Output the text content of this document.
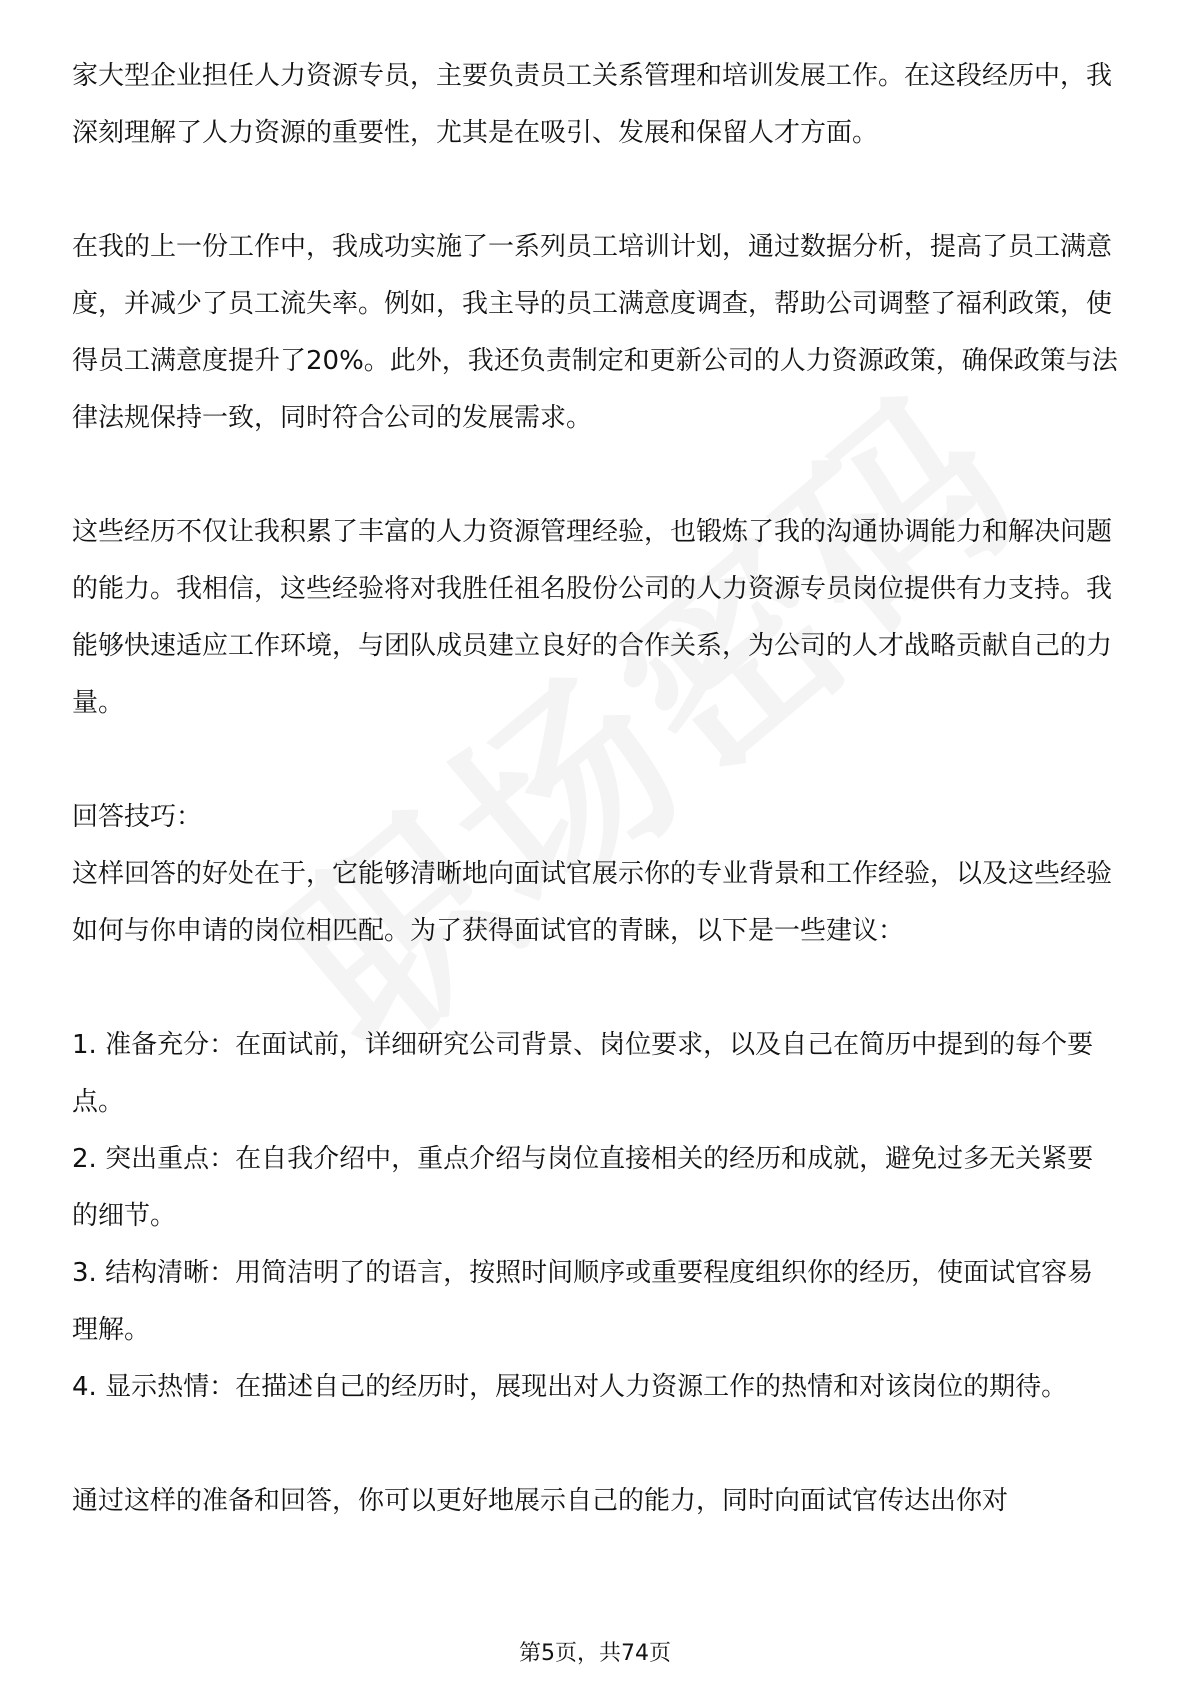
家大型企业担任人力资源专员，主要负责员工关系管理和培训发展工作。在这段经历中，我深刻理解了人力资源的重要性，尤其是在吸引、发展和保留人才方面。

在我的上一份工作中，我成功实施了一系列员工培训计划，通过数据分析，提高了员工满意度，并减少了员工流失率。例如，我主导的员工满意度调查，帮助公司调整了福利政策，使得员工满意度提升了20%。此外，我还负责制定和更新公司的人力资源政策，确保政策与法律法规保持一致，同时符合公司的发展需求。

这些经历不仅让我积累了丰富的人力资源管理经验，也锻炼了我的沟通协调能力和解决问题的能力。我相信，这些经验将对我胜任祖名股份公司的人力资源专员岗位提供有力支持。我能够快速适应工作环境，与团队成员建立良好的合作关系，为公司的人才战略贡献自己的力量。

回答技巧：

这样回答的好处在于，它能够清晰地向面试官展示你的专业背景和工作经验，以及这些经验如何与你申请的岗位相匹配。为了获得面试官的青睐，以下是一些建议：

1. 准备充分：在面试前，详细研究公司背景、岗位要求，以及自己在简历中提到的每个要点。

2. 突出重点：在自我介绍中，重点介绍与岗位直接相关的经历和成就，避免过多无关紧要的细节。

3. 结构清晰：用简洁明了的语言，按照时间顺序或重要程度组织你的经历，使面试官容易理解。

4. 显示热情：在描述自己的经历时，展现出对人力资源工作的热情和对该岗位的期待。

通过这样的准备和回答，你可以更好地展示自己的能力，同时向面试官传达出你对

第5页，共74页
